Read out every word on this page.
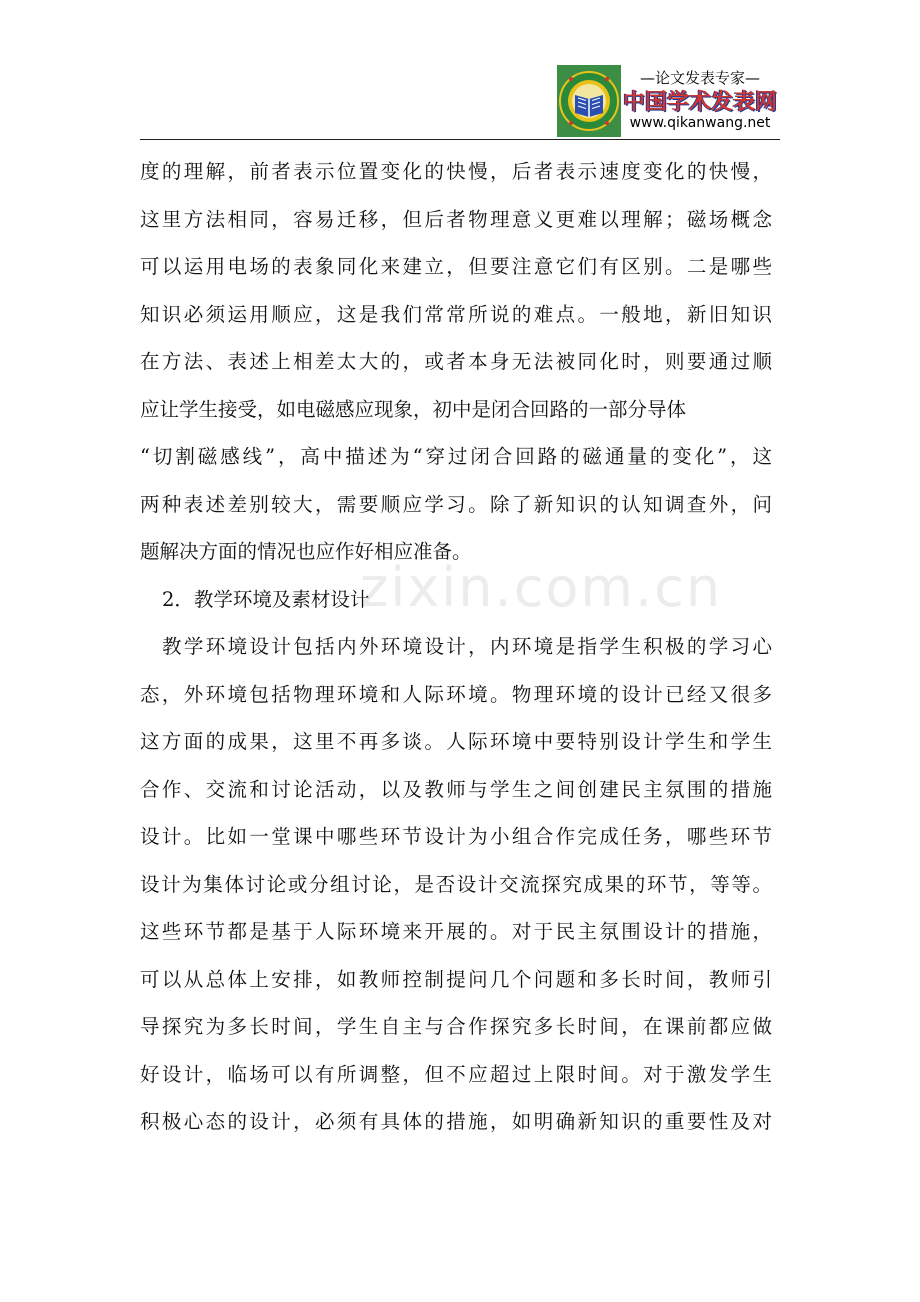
—论文发表专家—
中国学术发表网
www.qikanwang.net
zixin.com.cn
度的理解，前者表示位置变化的快慢，后者表示速度变化的快慢，
这里方法相同，容易迁移，但后者物理意义更难以理解；磁场概念
可以运用电场的表象同化来建立，但要注意它们有区别。二是哪些
知识必须运用顺应，这是我们常常所说的难点。一般地，新旧知识
在方法、表述上相差太大的，或者本身无法被同化时，则要通过顺
应让学生接受，如电磁感应现象，初中是闭合回路的一部分导体
“切割磁感线”，高中描述为“穿过闭合回路的磁通量的变化”，这
两种表述差别较大，需要顺应学习。除了新知识的认知调查外，问
题解决方面的情况也应作好相应准备。
2．教学环境及素材设计
教学环境设计包括内外环境设计，内环境是指学生积极的学习心
态，外环境包括物理环境和人际环境。物理环境的设计已经又很多
这方面的成果，这里不再多谈。人际环境中要特别设计学生和学生
合作、交流和讨论活动，以及教师与学生之间创建民主氛围的措施
设计。比如一堂课中哪些环节设计为小组合作完成任务，哪些环节
设计为集体讨论或分组讨论，是否设计交流探究成果的环节，等等。
这些环节都是基于人际环境来开展的。对于民主氛围设计的措施，
可以从总体上安排，如教师控制提问几个问题和多长时间，教师引
导探究为多长时间，学生自主与合作探究多长时间，在课前都应做
好设计，临场可以有所调整，但不应超过上限时间。对于激发学生
积极心态的设计，必须有具体的措施，如明确新知识的重要性及对
